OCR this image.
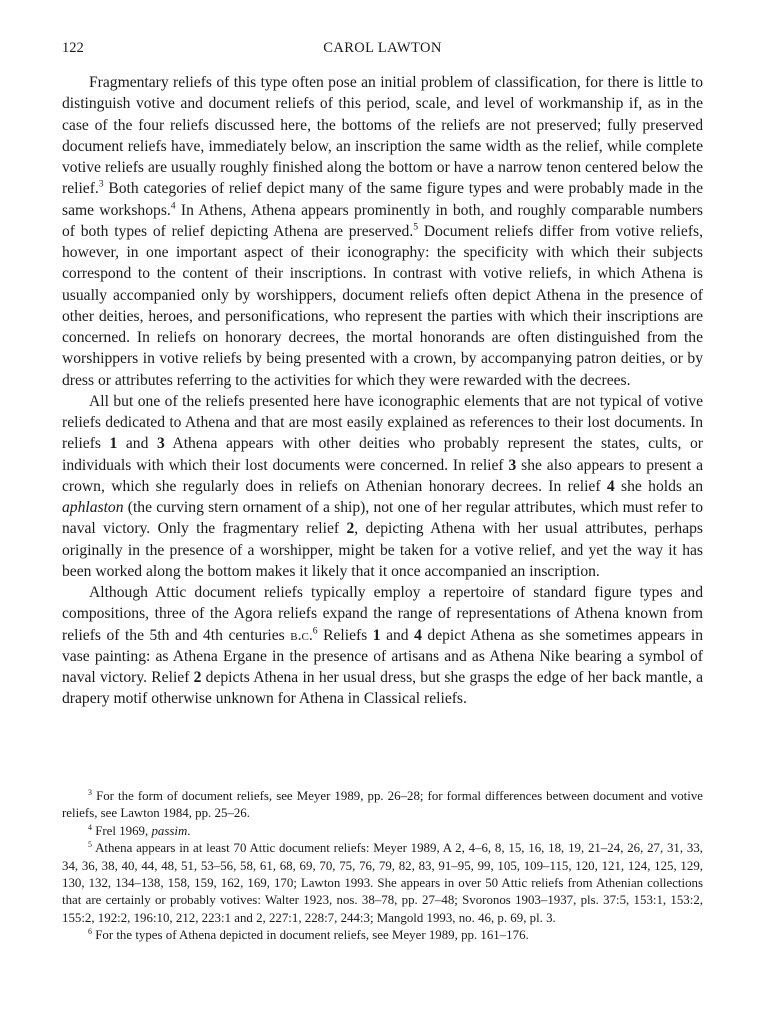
122	CAROL LAWTON

Fragmentary reliefs of this type often pose an initial problem of classification, for there is little to distinguish votive and document reliefs of this period, scale, and level of workmanship if, as in the case of the four reliefs discussed here, the bottoms of the reliefs are not preserved; fully preserved document reliefs have, immediately below, an inscription the same width as the relief, while complete votive reliefs are usually roughly finished along the bottom or have a narrow tenon centered below the relief.$^3$ Both categories of relief depict many of the same figure types and were probably made in the same workshops.$^4$ In Athens, Athena appears prominently in both, and roughly comparable numbers of both types of relief depicting Athena are preserved.$^5$ Document reliefs differ from votive reliefs, however, in one important aspect of their iconography: the specificity with which their subjects correspond to the content of their inscriptions. In contrast with votive reliefs, in which Athena is usually accompanied only by worshippers, document reliefs often depict Athena in the presence of other deities, heroes, and personifications, who represent the parties with which their inscriptions are concerned. In reliefs on honorary decrees, the mortal honorands are often distinguished from the worshippers in votive reliefs by being presented with a crown, by accompanying patron deities, or by dress or attributes referring to the activities for which they were rewarded with the decrees.

All but one of the reliefs presented here have iconographic elements that are not typical of votive reliefs dedicated to Athena and that are most easily explained as references to their lost documents. In reliefs 1 and 3 Athena appears with other deities who probably represent the states, cults, or individuals with which their lost documents were concerned. In relief 3 she also appears to present a crown, which she regularly does in reliefs on Athenian honorary decrees. In relief 4 she holds an aphlaston (the curving stern ornament of a ship), not one of her regular attributes, which must refer to naval victory. Only the fragmentary relief 2, depicting Athena with her usual attributes, perhaps originally in the presence of a worshipper, might be taken for a votive relief, and yet the way it has been worked along the bottom makes it likely that it once accompanied an inscription.

Although Attic document reliefs typically employ a repertoire of standard figure types and compositions, three of the Agora reliefs expand the range of representations of Athena known from reliefs of the 5th and 4th centuries b.c.$^6$ Reliefs 1 and 4 depict Athena as she sometimes appears in vase painting: as Athena Ergane in the presence of artisans and as Athena Nike bearing a symbol of naval victory. Relief 2 depicts Athena in her usual dress, but she grasps the edge of her back mantle, a drapery motif otherwise unknown for Athena in Classical reliefs.

$^3$ For the form of document reliefs, see Meyer 1989, pp. 26–28; for formal differences between document and votive reliefs, see Lawton 1984, pp. 25–26.

$^4$ Frel 1969, passim.

$^5$ Athena appears in at least 70 Attic document reliefs: Meyer 1989, A 2, 4–6, 8, 15, 16, 18, 19, 21–24, 26, 27, 31, 33, 34, 36, 38, 40, 44, 48, 51, 53–56, 58, 61, 68, 69, 70, 75, 76, 79, 82, 83, 91–95, 99, 105, 109–115, 120, 121, 124, 125, 129, 130, 132, 134–138, 158, 159, 162, 169, 170; Lawton 1993. She appears in over 50 Attic reliefs from Athenian collections that are certainly or probably votives: Walter 1923, nos. 38–78, pp. 27–48; Svoronos 1903–1937, pls. 37:5, 153:1, 153:2, 155:2, 192:2, 196:10, 212, 223:1 and 2, 227:1, 228:7, 244:3; Mangold 1993, no. 46, p. 69, pl. 3.

$^6$ For the types of Athena depicted in document reliefs, see Meyer 1989, pp. 161–176.
